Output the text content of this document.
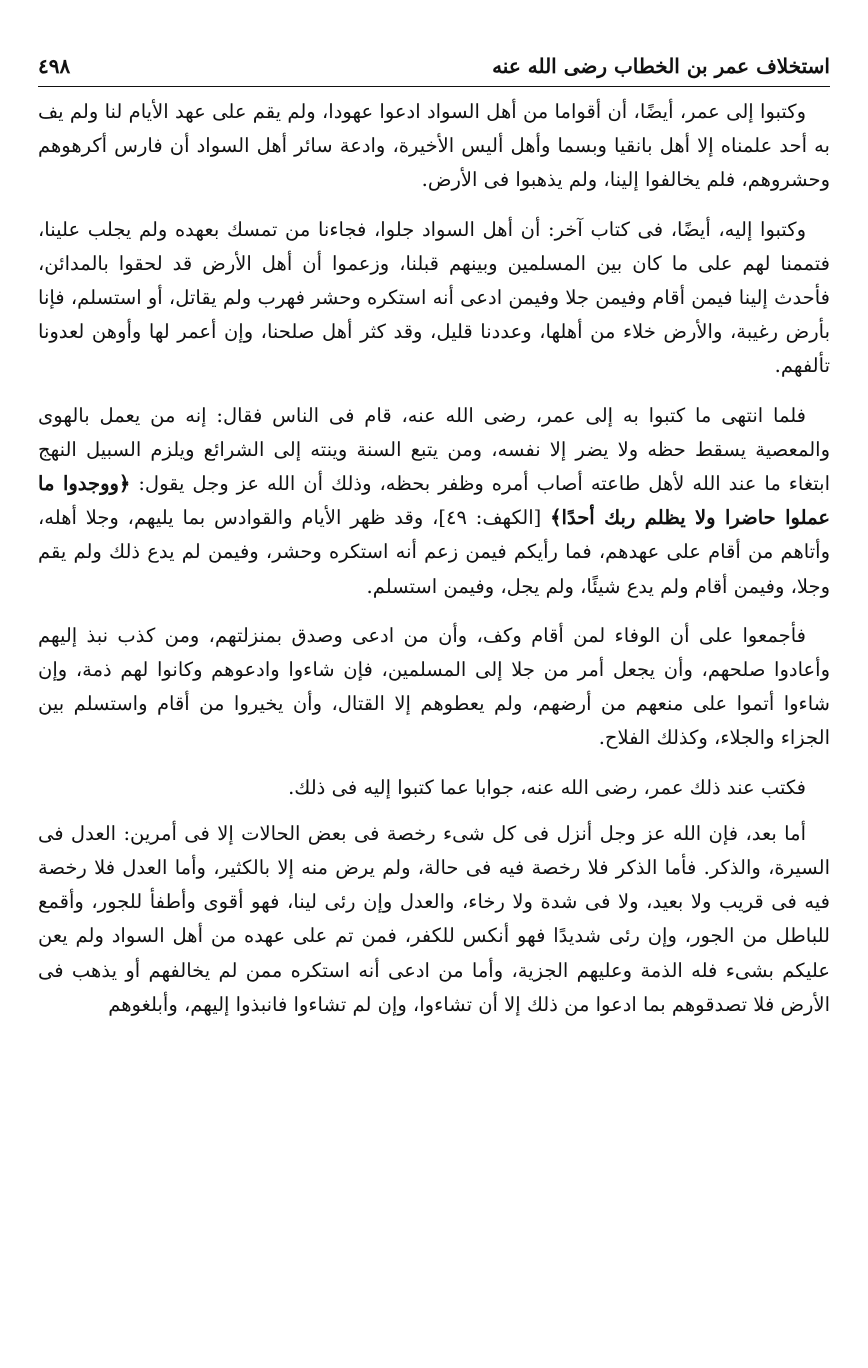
استخلاف عمر بن الخطاب رضى الله عنه
٤٩٨

وكتبوا إلى عمر، أيضًا، أن أقواما من أهل السواد ادعوا عهودا، ولم يقم على عهد الأيام لنا ولم يف به أحد علمناه إلا أهل بانقيا وبسما وأهل أليس الأخيرة، وادعة سائر أهل السواد أن فارس أكرهوهم وحشروهم، فلم يخالفوا إلينا، ولم يذهبوا فى الأرض.

وكتبوا إليه، أيضًا، فى كتاب آخر: أن أهل السواد جلوا، فجاءنا من تمسك بعهده ولم يجلب علينا، فتممنا لهم على ما كان بين المسلمين وبينهم قبلنا، وزعموا أن أهل الأرض قد لحقوا بالمدائن، فأحدث إلينا فيمن أقام وفيمن جلا وفيمن ادعى أنه استكره وحشر فهرب ولم يقاتل، أو استسلم، فإنا بأرض رغيبة، والأرض خلاء من أهلها، وعددنا قليل، وقد كثر أهل صلحنا، وإن أعمر لها وأوهن لعدونا تألفهم.

فلما انتهى ما كتبوا به إلى عمر، رضى الله عنه، قام فى الناس فقال: إنه من يعمل بالهوى والمعصية يسقط حظه ولا يضر إلا نفسه، ومن يتبع السنة وينته إلى الشرائع ويلزم السبيل النهج ابتغاء ما عند الله لأهل طاعته أصاب أمره وظفر بحظه، وذلك أن الله عز وجل يقول: ﴿ووجدوا ما عملوا حاضرا ولا يظلم ربك أحدًا﴾ [الكهف: ٤٩]، وقد ظهر الأيام والقوادس بما يليهم، وجلا أهله، وأتاهم من أقام على عهدهم، فما رأيكم فيمن زعم أنه استكره وحشر، وفيمن لم يدع ذلك ولم يقم وجلا، وفيمن أقام ولم يدع شيئًا، ولم يجل، وفيمن استسلم.

فأجمعوا على أن الوفاء لمن أقام وكف، وأن من ادعى وصدق بمنزلتهم، ومن كذب نبذ إليهم وأعادوا صلحهم، وأن يجعل أمر من جلا إلى المسلمين، فإن شاءوا وادعوهم وكانوا لهم ذمة، وإن شاءوا أتموا على منعهم من أرضهم، ولم يعطوهم إلا القتال، وأن يخيروا من أقام واستسلم بين الجزاء والجلاء، وكذلك الفلاح.

فكتب عند ذلك عمر، رضى الله عنه، جوابا عما كتبوا إليه فى ذلك.

أما بعد، فإن الله عز وجل أنزل فى كل شىء رخصة فى بعض الحالات إلا فى أمرين: العدل فى السيرة، والذكر. فأما الذكر فلا رخصة فيه فى حالة، ولم يرض منه إلا بالكثير، وأما العدل فلا رخصة فيه فى قريب ولا بعيد، ولا فى شدة ولا رخاء، والعدل وإن رئى لينا، فهو أقوى وأطفأ للجور، وأقمع للباطل من الجور، وإن رئى شديدًا فهو أنكس للكفر، فمن تم على عهده من أهل السواد ولم يعن عليكم بشىء فله الذمة وعليهم الجزية، وأما من ادعى أنه استكره ممن لم يخالفهم أو يذهب فى الأرض فلا تصدقوهم بما ادعوا من ذلك إلا أن تشاءوا، وإن لم تشاءوا فانبذوا إليهم، وأبلغوهم
